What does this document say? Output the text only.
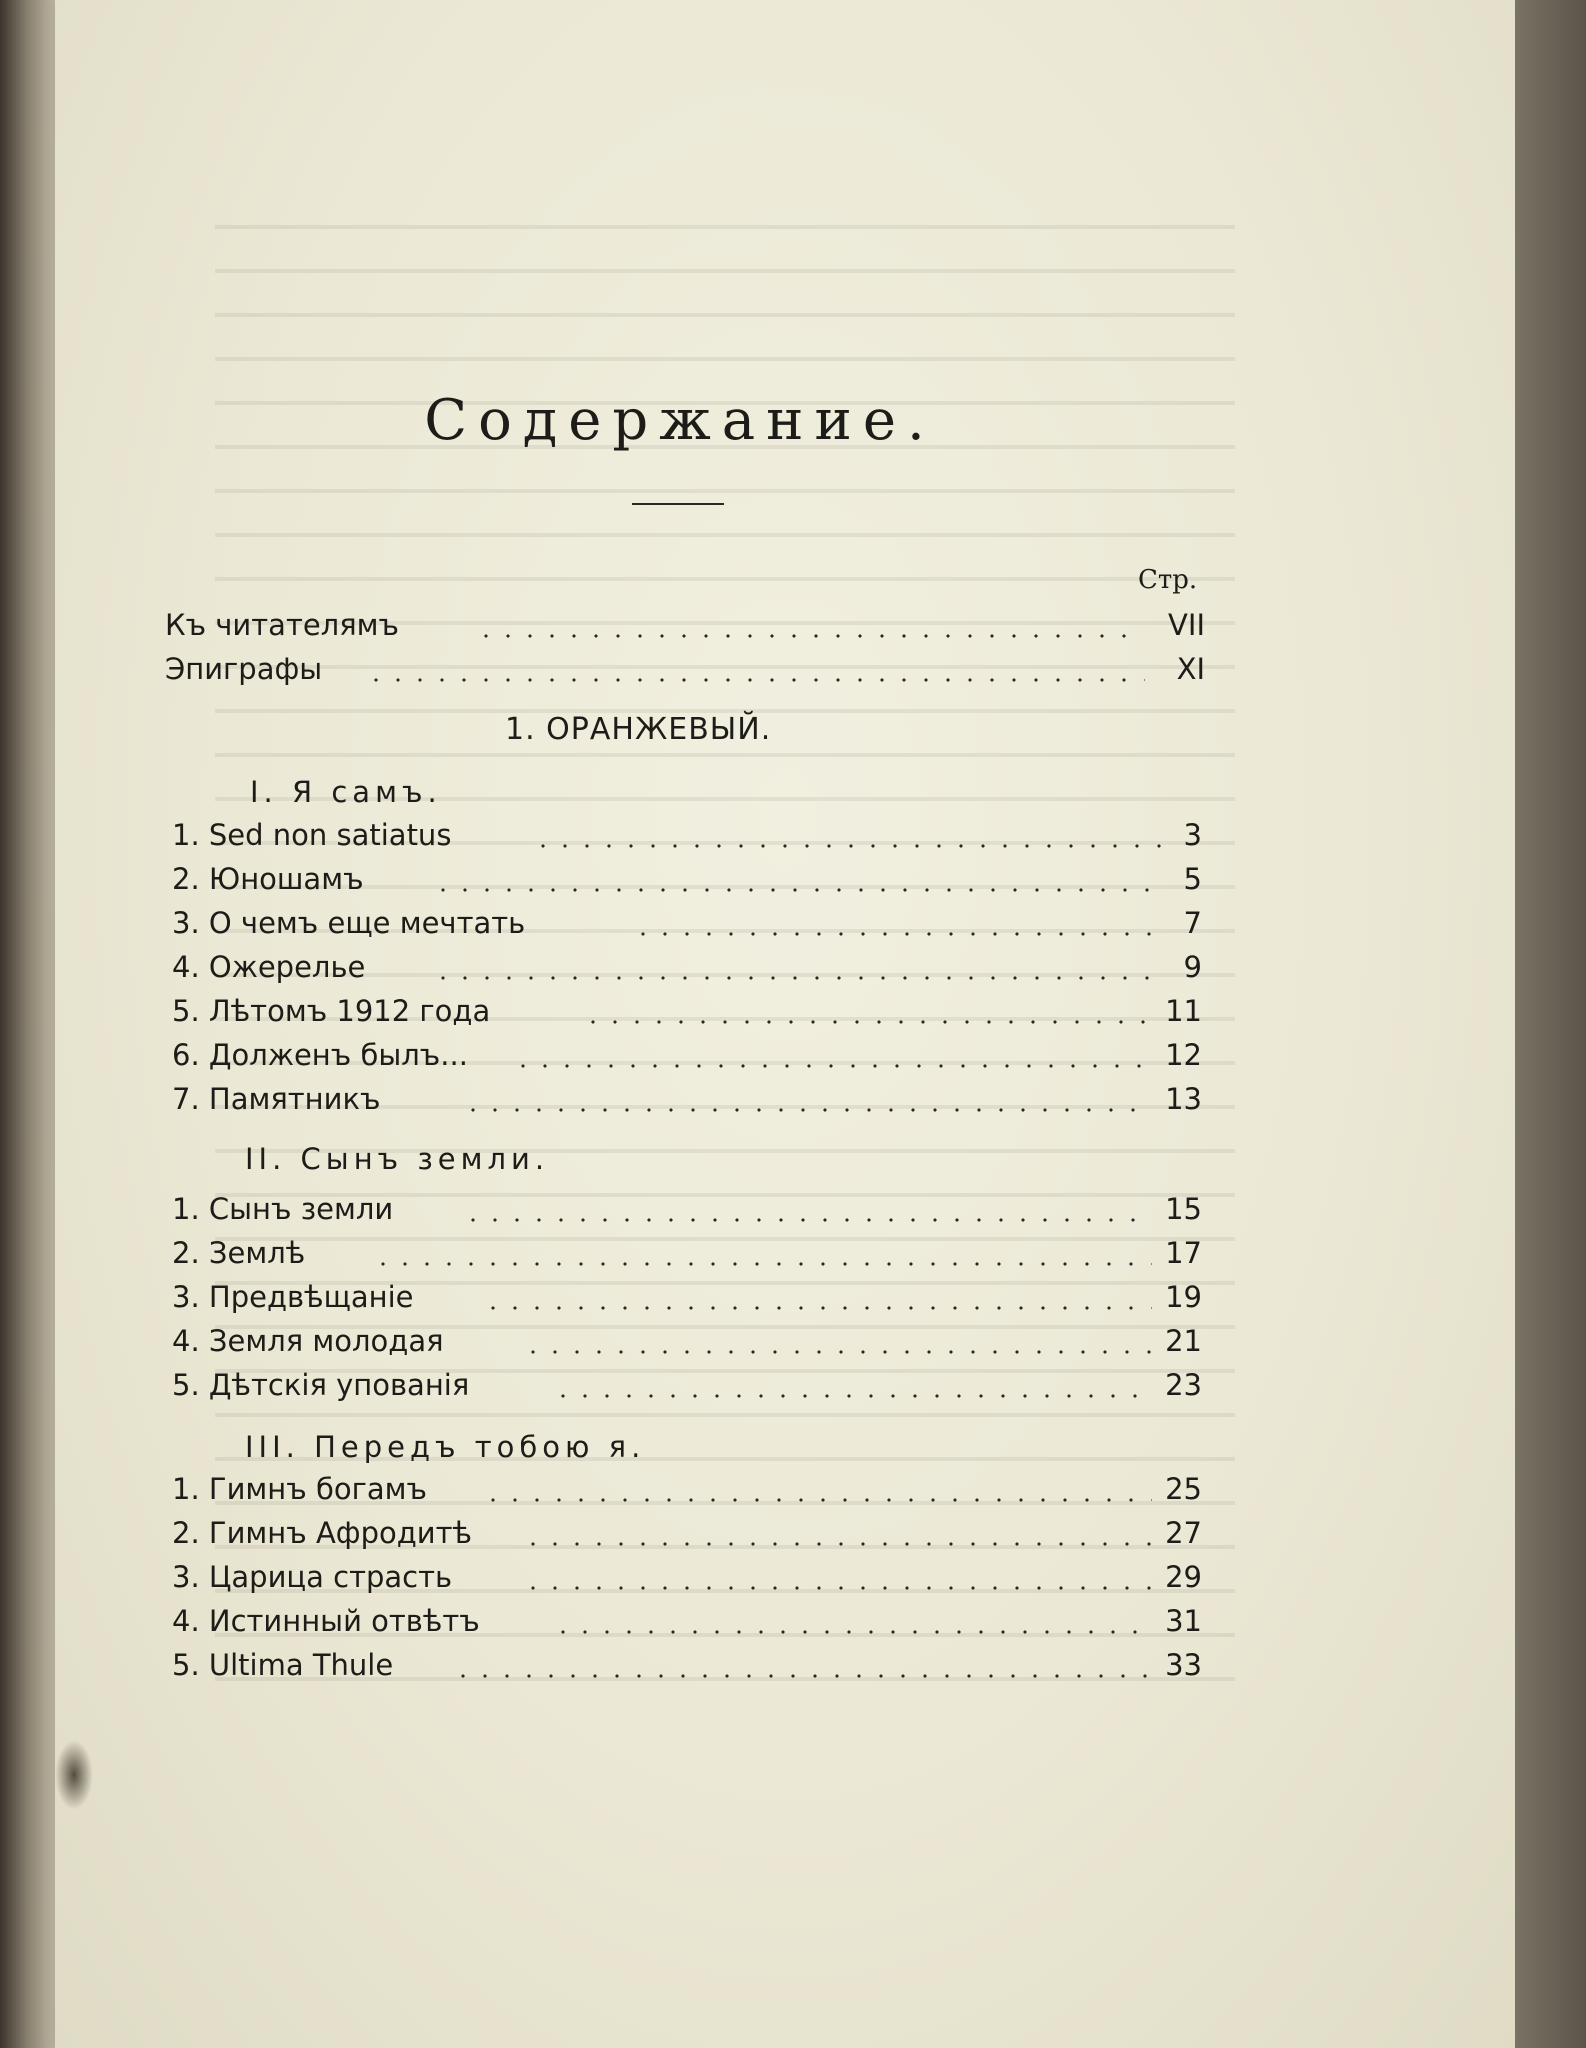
Содержание.
Стр.
Къ читателямъ	VII
Эпиграфы	XI
1. ОРАНЖЕВЫЙ.
I. Я самъ.
1. Sed non satiatus	3
2. Юношамъ	5
3. О чемъ еще мечтать	7
4. Ожерелье	9
5. Лѣтомъ 1912 года	11
6. Долженъ былъ...	12
7. Памятникъ	13
II. Сынъ земли.
1. Сынъ земли	15
2. Землѣ	17
3. Предвѣщаніе	19
4. Земля молодая	21
5. Дѣтскія упованія	23
III. Передъ тобою я.
1. Гимнъ богамъ	25
2. Гимнъ Афродитѣ	27
3. Царица страсть	29
4. Истинный отвѣтъ	31
5. Ultima Thule	33
